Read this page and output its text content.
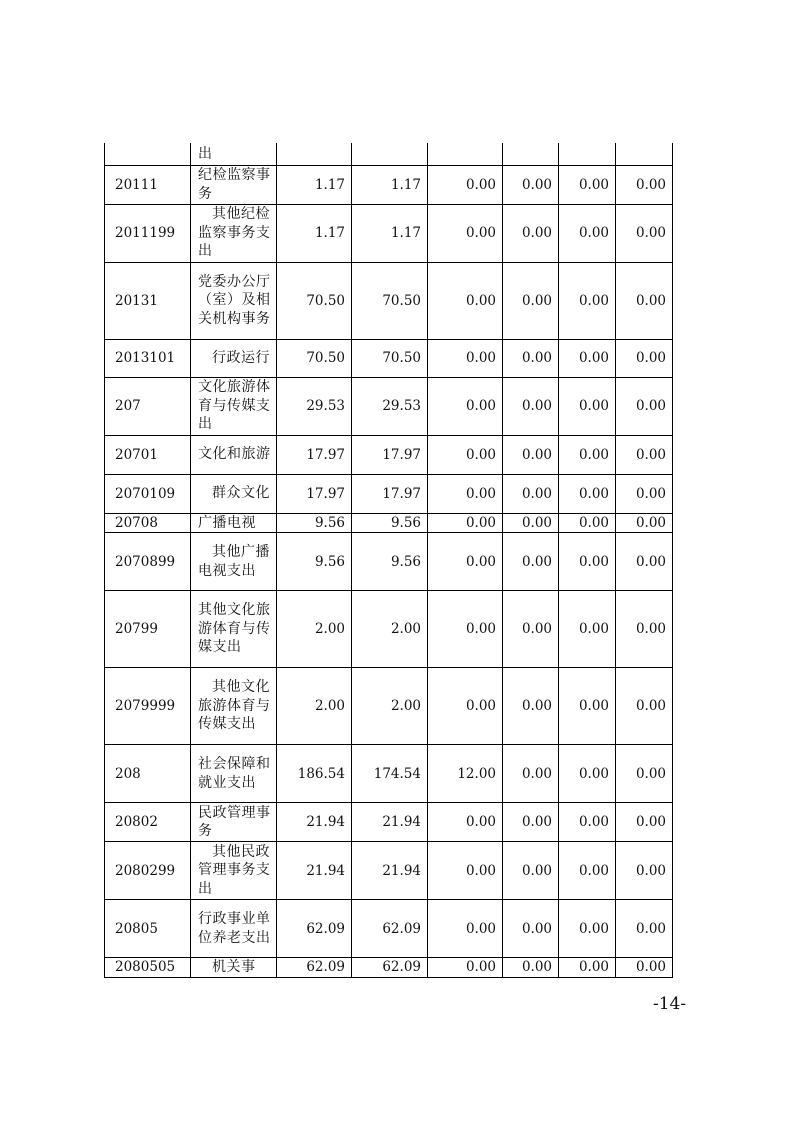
	出						
20111	纪检监察事务	1.17	1.17	0.00	0.00	0.00	0.00
2011199	其他纪检监察事务支出	1.17	1.17	0.00	0.00	0.00	0.00
20131	党委办公厅（室）及相关机构事务	70.50	70.50	0.00	0.00	0.00	0.00
2013101	行政运行	70.50	70.50	0.00	0.00	0.00	0.00
207	文化旅游体育与传媒支出	29.53	29.53	0.00	0.00	0.00	0.00
20701	文化和旅游	17.97	17.97	0.00	0.00	0.00	0.00
2070109	群众文化	17.97	17.97	0.00	0.00	0.00	0.00
20708	广播电视	9.56	9.56	0.00	0.00	0.00	0.00
2070899	其他广播电视支出	9.56	9.56	0.00	0.00	0.00	0.00
20799	其他文化旅游体育与传媒支出	2.00	2.00	0.00	0.00	0.00	0.00
2079999	其他文化旅游体育与传媒支出	2.00	2.00	0.00	0.00	0.00	0.00
208	社会保障和就业支出	186.54	174.54	12.00	0.00	0.00	0.00
20802	民政管理事务	21.94	21.94	0.00	0.00	0.00	0.00
2080299	其他民政管理事务支出	21.94	21.94	0.00	0.00	0.00	0.00
20805	行政事业单位养老支出	62.09	62.09	0.00	0.00	0.00	0.00
2080505	机关事	62.09	62.09	0.00	0.00	0.00	0.00
-14-
